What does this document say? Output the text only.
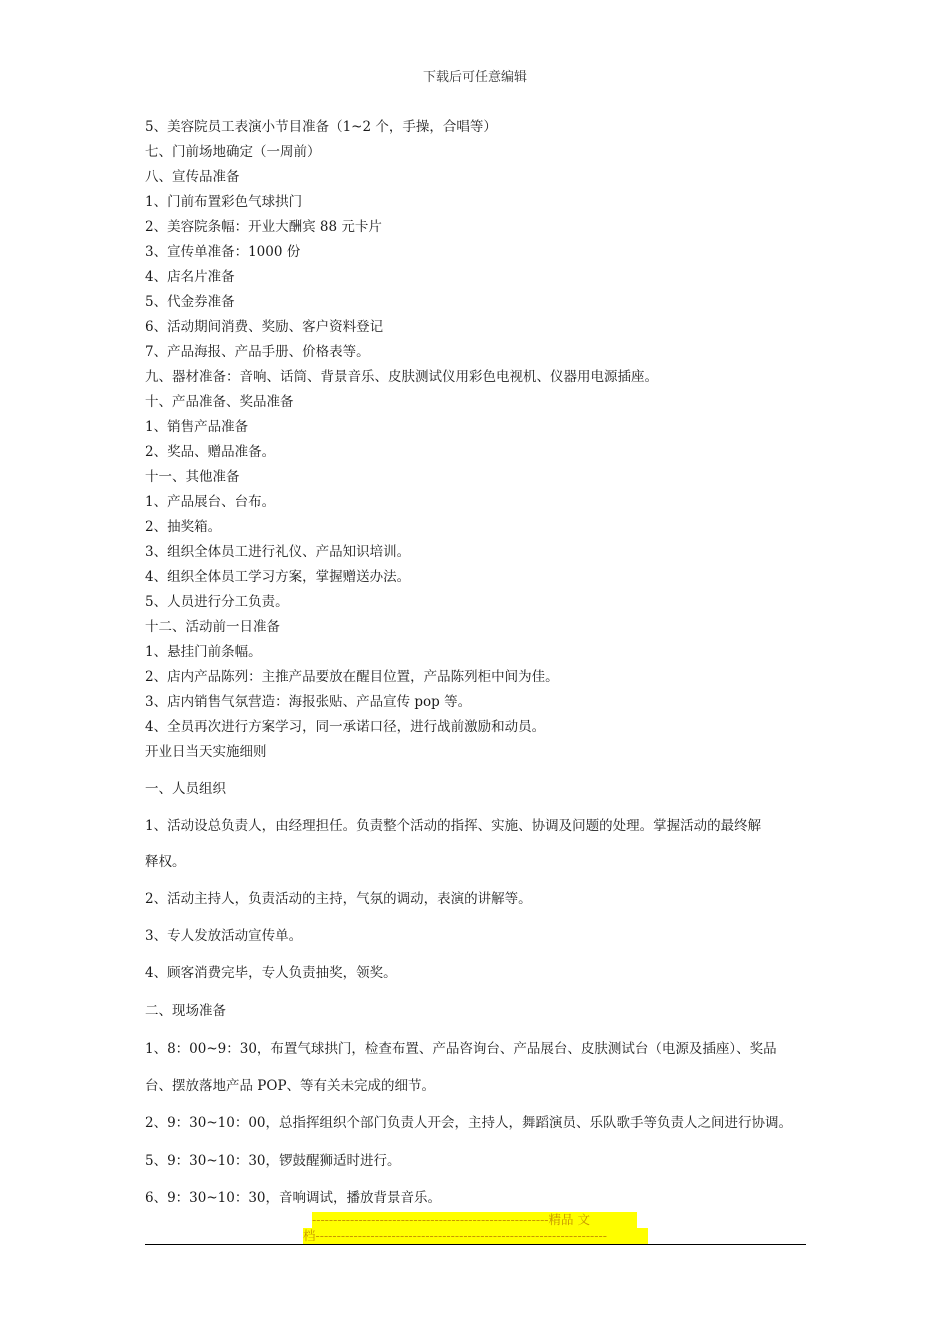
下载后可任意编辑
5、美容院员工表演小节目准备（1~2 个，手操，合唱等）
七、门前场地确定（一周前）
八、宣传品准备
1、门前布置彩色气球拱门
2、美容院条幅：开业大酬宾 88 元卡片
3、宣传单准备：1000 份
4、店名片准备
5、代金券准备
6、活动期间消费、奖励、客户资料登记
7、产品海报、产品手册、价格表等。
九、器材准备：音响、话筒、背景音乐、皮肤测试仪用彩色电视机、仪器用电源插座。
十、产品准备、奖品准备
1、销售产品准备
2、奖品、赠品准备。
十一、其他准备
1、产品展台、台布。
2、抽奖箱。
3、组织全体员工进行礼仪、产品知识培训。
4、组织全体员工学习方案，掌握赠送办法。
5、人员进行分工负责。
十二、活动前一日准备
1、悬挂门前条幅。
2、店内产品陈列：主推产品要放在醒目位置，产品陈列柜中间为佳。
3、店内销售气氛营造：海报张贴、产品宣传 pop 等。
4、全员再次进行方案学习，同一承诺口径，进行战前激励和动员。
开业日当天实施细则
一、人员组织
1、活动设总负责人，由经理担任。负责整个活动的指挥、实施、协调及问题的处理。掌握活动的最终解
释权。
2、活动主持人，负责活动的主持，气氛的调动，表演的讲解等。
3、专人发放活动宣传单。
4、顾客消费完毕，专人负责抽奖，领奖。
二、现场准备
1、8：00~9：30，布置气球拱门，检查布置、产品咨询台、产品展台、皮肤测试台（电源及插座）、奖品
台、摆放落地产品 POP、等有关未完成的细节。
2、9：30~10：00，总指挥组织个部门负责人开会，主持人，舞蹈演员、乐队歌手等负责人之间进行协调。
5、9：30~10：30，锣鼓醒狮适时进行。
6、9：30~10：30，音响调试，播放背景音乐。
--------------------------------------------------------精品 文
档---------------------------------------------------------------------
